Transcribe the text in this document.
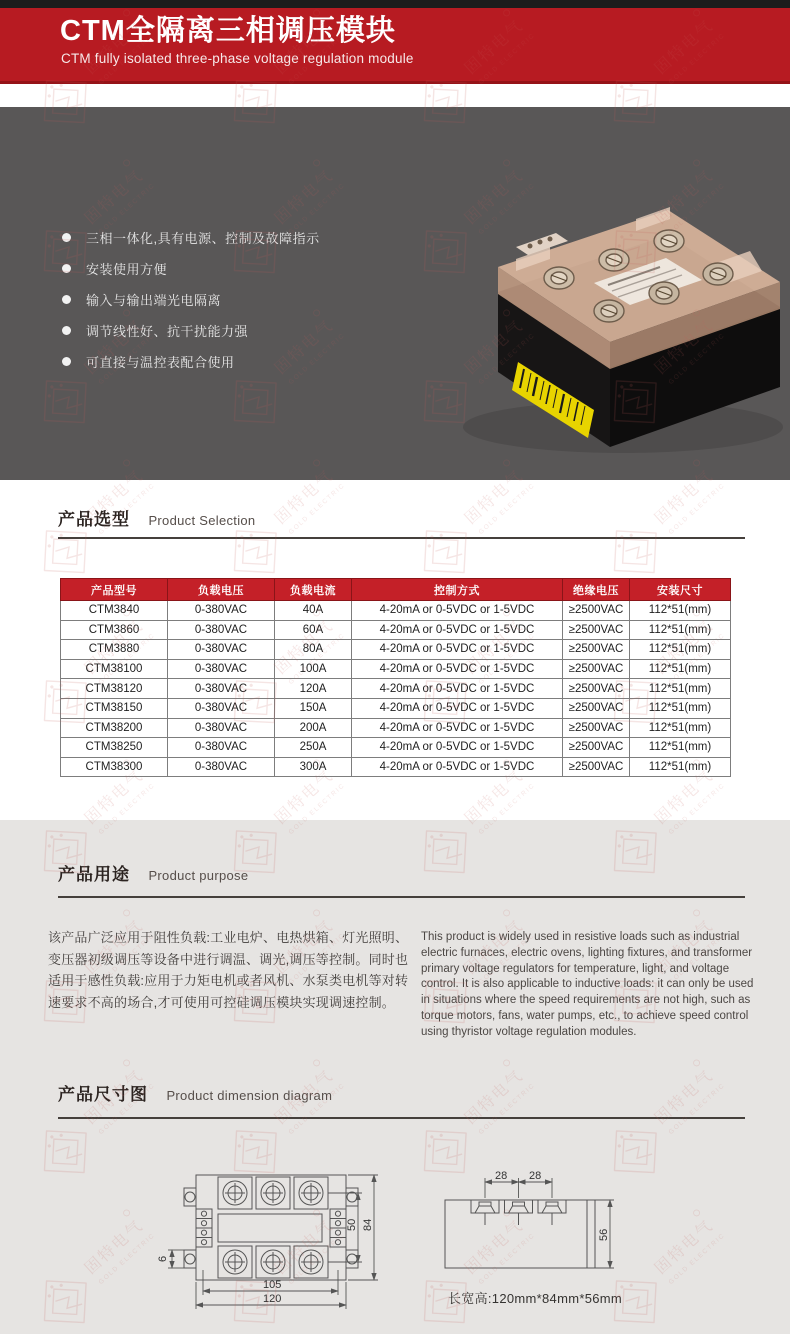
CTM全隔离三相调压模块
CTM fully isolated three-phase voltage regulation module
三相一体化,具有电源、控制及故障指示
安装使用方便
输入与输出端光电隔离
调节线性好、抗干扰能力强
可直接与温控表配合使用
产品选型 Product Selection
产品型号	负载电压	负载电流	控制方式	绝缘电压	安装尺寸
CTM3840	0-380VAC	40A	4-20mA or 0-5VDC or 1-5VDC	≥2500VAC	112*51(mm)
CTM3860	0-380VAC	60A	4-20mA or 0-5VDC or 1-5VDC	≥2500VAC	112*51(mm)
CTM3880	0-380VAC	80A	4-20mA or 0-5VDC or 1-5VDC	≥2500VAC	112*51(mm)
CTM38100	0-380VAC	100A	4-20mA or 0-5VDC or 1-5VDC	≥2500VAC	112*51(mm)
CTM38120	0-380VAC	120A	4-20mA or 0-5VDC or 1-5VDC	≥2500VAC	112*51(mm)
CTM38150	0-380VAC	150A	4-20mA or 0-5VDC or 1-5VDC	≥2500VAC	112*51(mm)
CTM38200	0-380VAC	200A	4-20mA or 0-5VDC or 1-5VDC	≥2500VAC	112*51(mm)
CTM38250	0-380VAC	250A	4-20mA or 0-5VDC or 1-5VDC	≥2500VAC	112*51(mm)
CTM38300	0-380VAC	300A	4-20mA or 0-5VDC or 1-5VDC	≥2500VAC	112*51(mm)
产品用途 Product purpose
该产品广泛应用于阻性负载:工业电炉、电热烘箱、灯光照明、变压器初级调压等设备中进行调温、调光,调压等控制。同时也适用于感性负载:应用于力矩电机或者风机、水泵类电机等对转速要求不高的场合,才可使用可控硅调压模块实现调速控制。
This product is widely used in resistive loads such as industrial electric furnaces, electric ovens, lighting fixtures, and transformer primary voltage regulators for temperature, light, and voltage control. It is also applicable to inductive loads: it can only be used in situations where the speed requirements are not high, such as torque motors, fans, water pumps, etc., to achieve speed control using thyristor voltage regulation modules.
产品尺寸图 Product dimension diagram
105
120
50 84
6
28 28
56
长宽高:120mm*84mm*56mm
